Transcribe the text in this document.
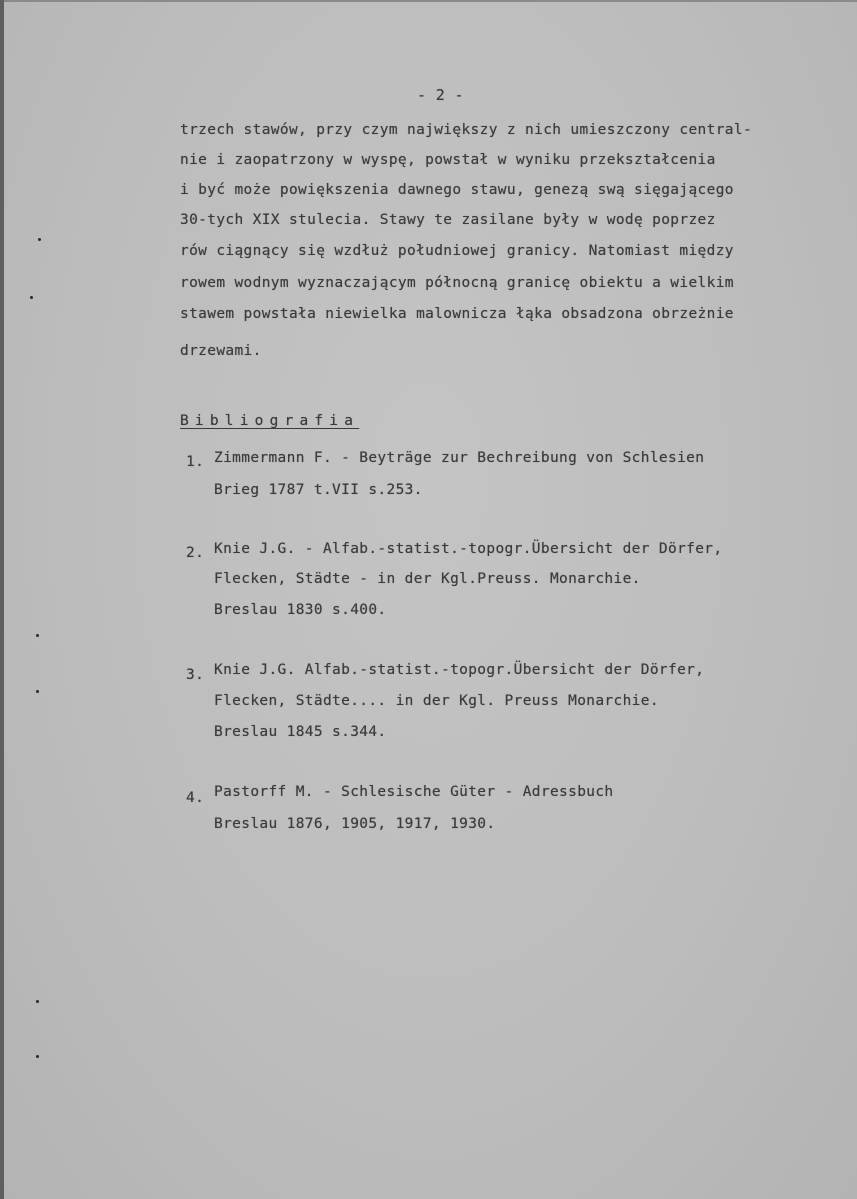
- 2 -
trzech stawów, przy czym największy z nich umieszczony central-
nie i zaopatrzony w wyspę, powstał w wyniku przekształcenia
i być może powiększenia dawnego stawu, genezą swą sięgającego
30-tych XIX stulecia. Stawy te zasilane były w wodę poprzez
rów ciągnący się wzdłuż południowej granicy. Natomiast między
rowem wodnym wyznaczającym północną granicę obiektu a wielkim
stawem powstała niewielka malownicza łąka obsadzona obrzeżnie
drzewami.
Bibliografia
1. Zimmermann F. - Beyträge zur Bechreibung von Schlesien
Brieg 1787 t.VII s.253.
2. Knie J.G. - Alfab.-statist.-topogr.Übersicht der Dörfer,
Flecken, Städte - in der Kgl.Preuss. Monarchie.
Breslau 1830 s.400.
3. Knie J.G. Alfab.-statist.-topogr.Übersicht der Dörfer,
Flecken, Städte.... in der Kgl. Preuss Monarchie.
Breslau 1845 s.344.
4. Pastorff M. - Schlesische Güter - Adressbuch
Breslau 1876, 1905, 1917, 1930.
